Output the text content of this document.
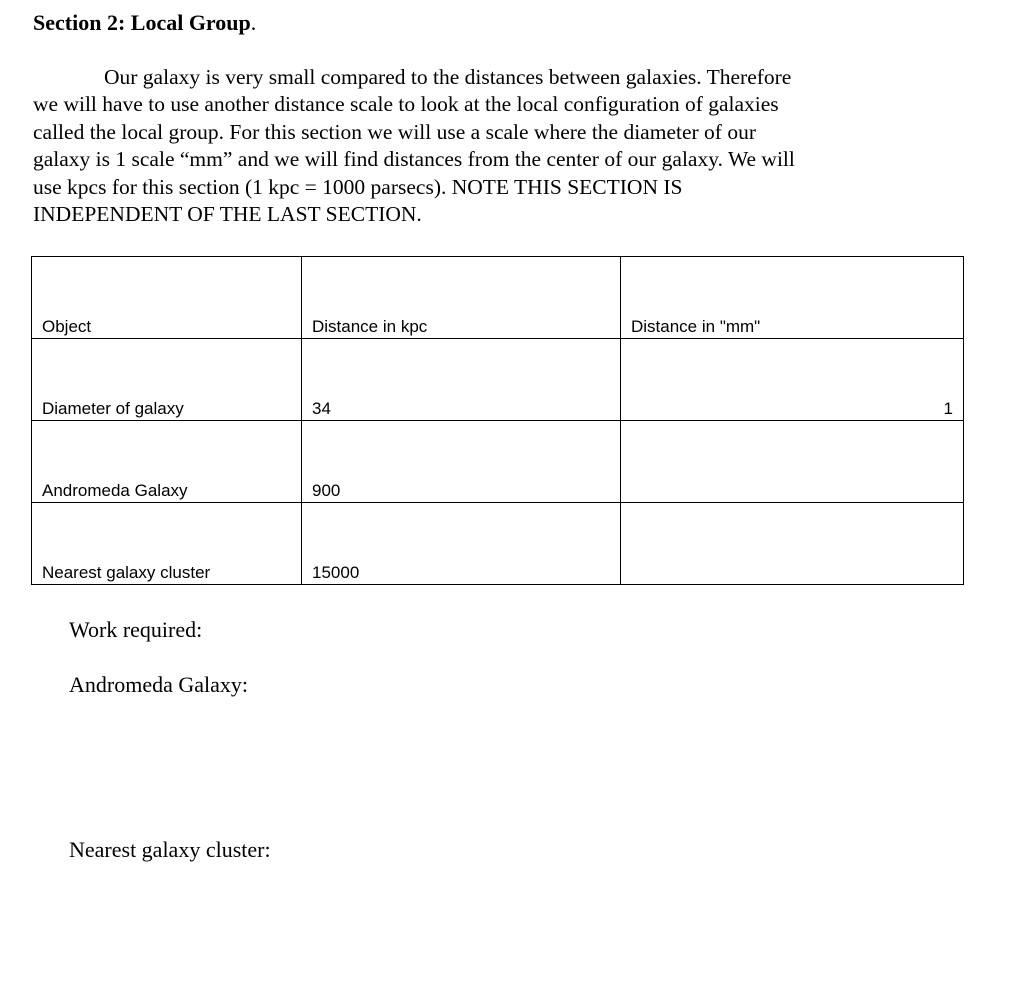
Section 2: Local Group.
Our galaxy is very small compared to the distances between galaxies. Therefore
we will have to use another distance scale to look at the local configuration of galaxies
called the local group. For this section we will use a scale where the diameter of our
galaxy is 1 scale “mm” and we will find distances from the center of our galaxy. We will
use kpcs for this section (1 kpc = 1000 parsecs). NOTE THIS SECTION IS
INDEPENDENT OF THE LAST SECTION.
Object	Distance in kpc	Distance in "mm"

Diameter of galaxy	34	1

Andromeda Galaxy	900	

Nearest galaxy cluster	15000	

Work required:
Andromeda Galaxy:
Nearest galaxy cluster:
